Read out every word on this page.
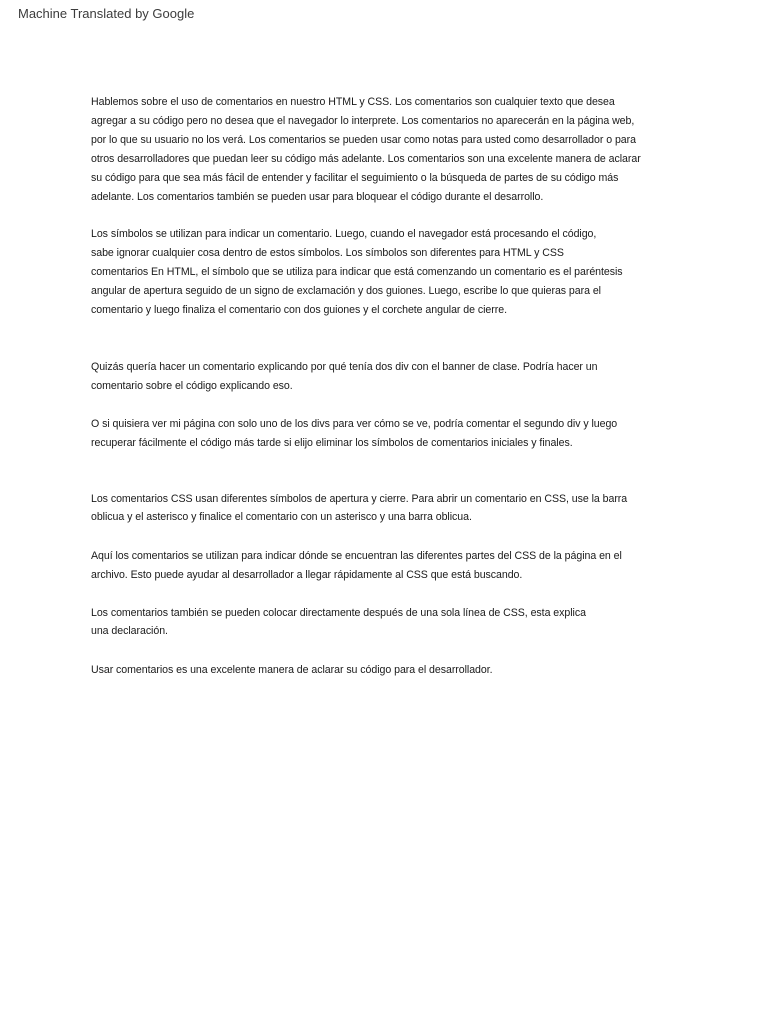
Machine Translated by Google
Hablemos sobre el uso de comentarios en nuestro HTML y CSS. Los comentarios son cualquier texto que desea
agregar a su código pero no desea que el navegador lo interprete. Los comentarios no aparecerán en la página web,
por lo que su usuario no los verá. Los comentarios se pueden usar como notas para usted como desarrollador o para
otros desarrolladores que puedan leer su código más adelante. Los comentarios son una excelente manera de aclarar
su código para que sea más fácil de entender y facilitar el seguimiento o la búsqueda de partes de su código más
adelante. Los comentarios también se pueden usar para bloquear el código durante el desarrollo.
Los símbolos se utilizan para indicar un comentario. Luego, cuando el navegador está procesando el código,
sabe ignorar cualquier cosa dentro de estos símbolos. Los símbolos son diferentes para HTML y CSS
comentarios En HTML, el símbolo que se utiliza para indicar que está comenzando un comentario es el paréntesis
angular de apertura seguido de un signo de exclamación y dos guiones. Luego, escribe lo que quieras para el
comentario y luego finaliza el comentario con dos guiones y el corchete angular de cierre.
Quizás quería hacer un comentario explicando por qué tenía dos div con el banner de clase. Podría hacer un
comentario sobre el código explicando eso.
O si quisiera ver mi página con solo uno de los divs para ver cómo se ve, podría comentar el segundo div y luego
recuperar fácilmente el código más tarde si elijo eliminar los símbolos de comentarios iniciales y finales.
Los comentarios CSS usan diferentes símbolos de apertura y cierre. Para abrir un comentario en CSS, use la barra
oblicua y el asterisco y finalice el comentario con un asterisco y una barra oblicua.
Aquí los comentarios se utilizan para indicar dónde se encuentran las diferentes partes del CSS de la página en el
archivo. Esto puede ayudar al desarrollador a llegar rápidamente al CSS que está buscando.
Los comentarios también se pueden colocar directamente después de una sola línea de CSS, esta explica
una declaración.
Usar comentarios es una excelente manera de aclarar su código para el desarrollador.
